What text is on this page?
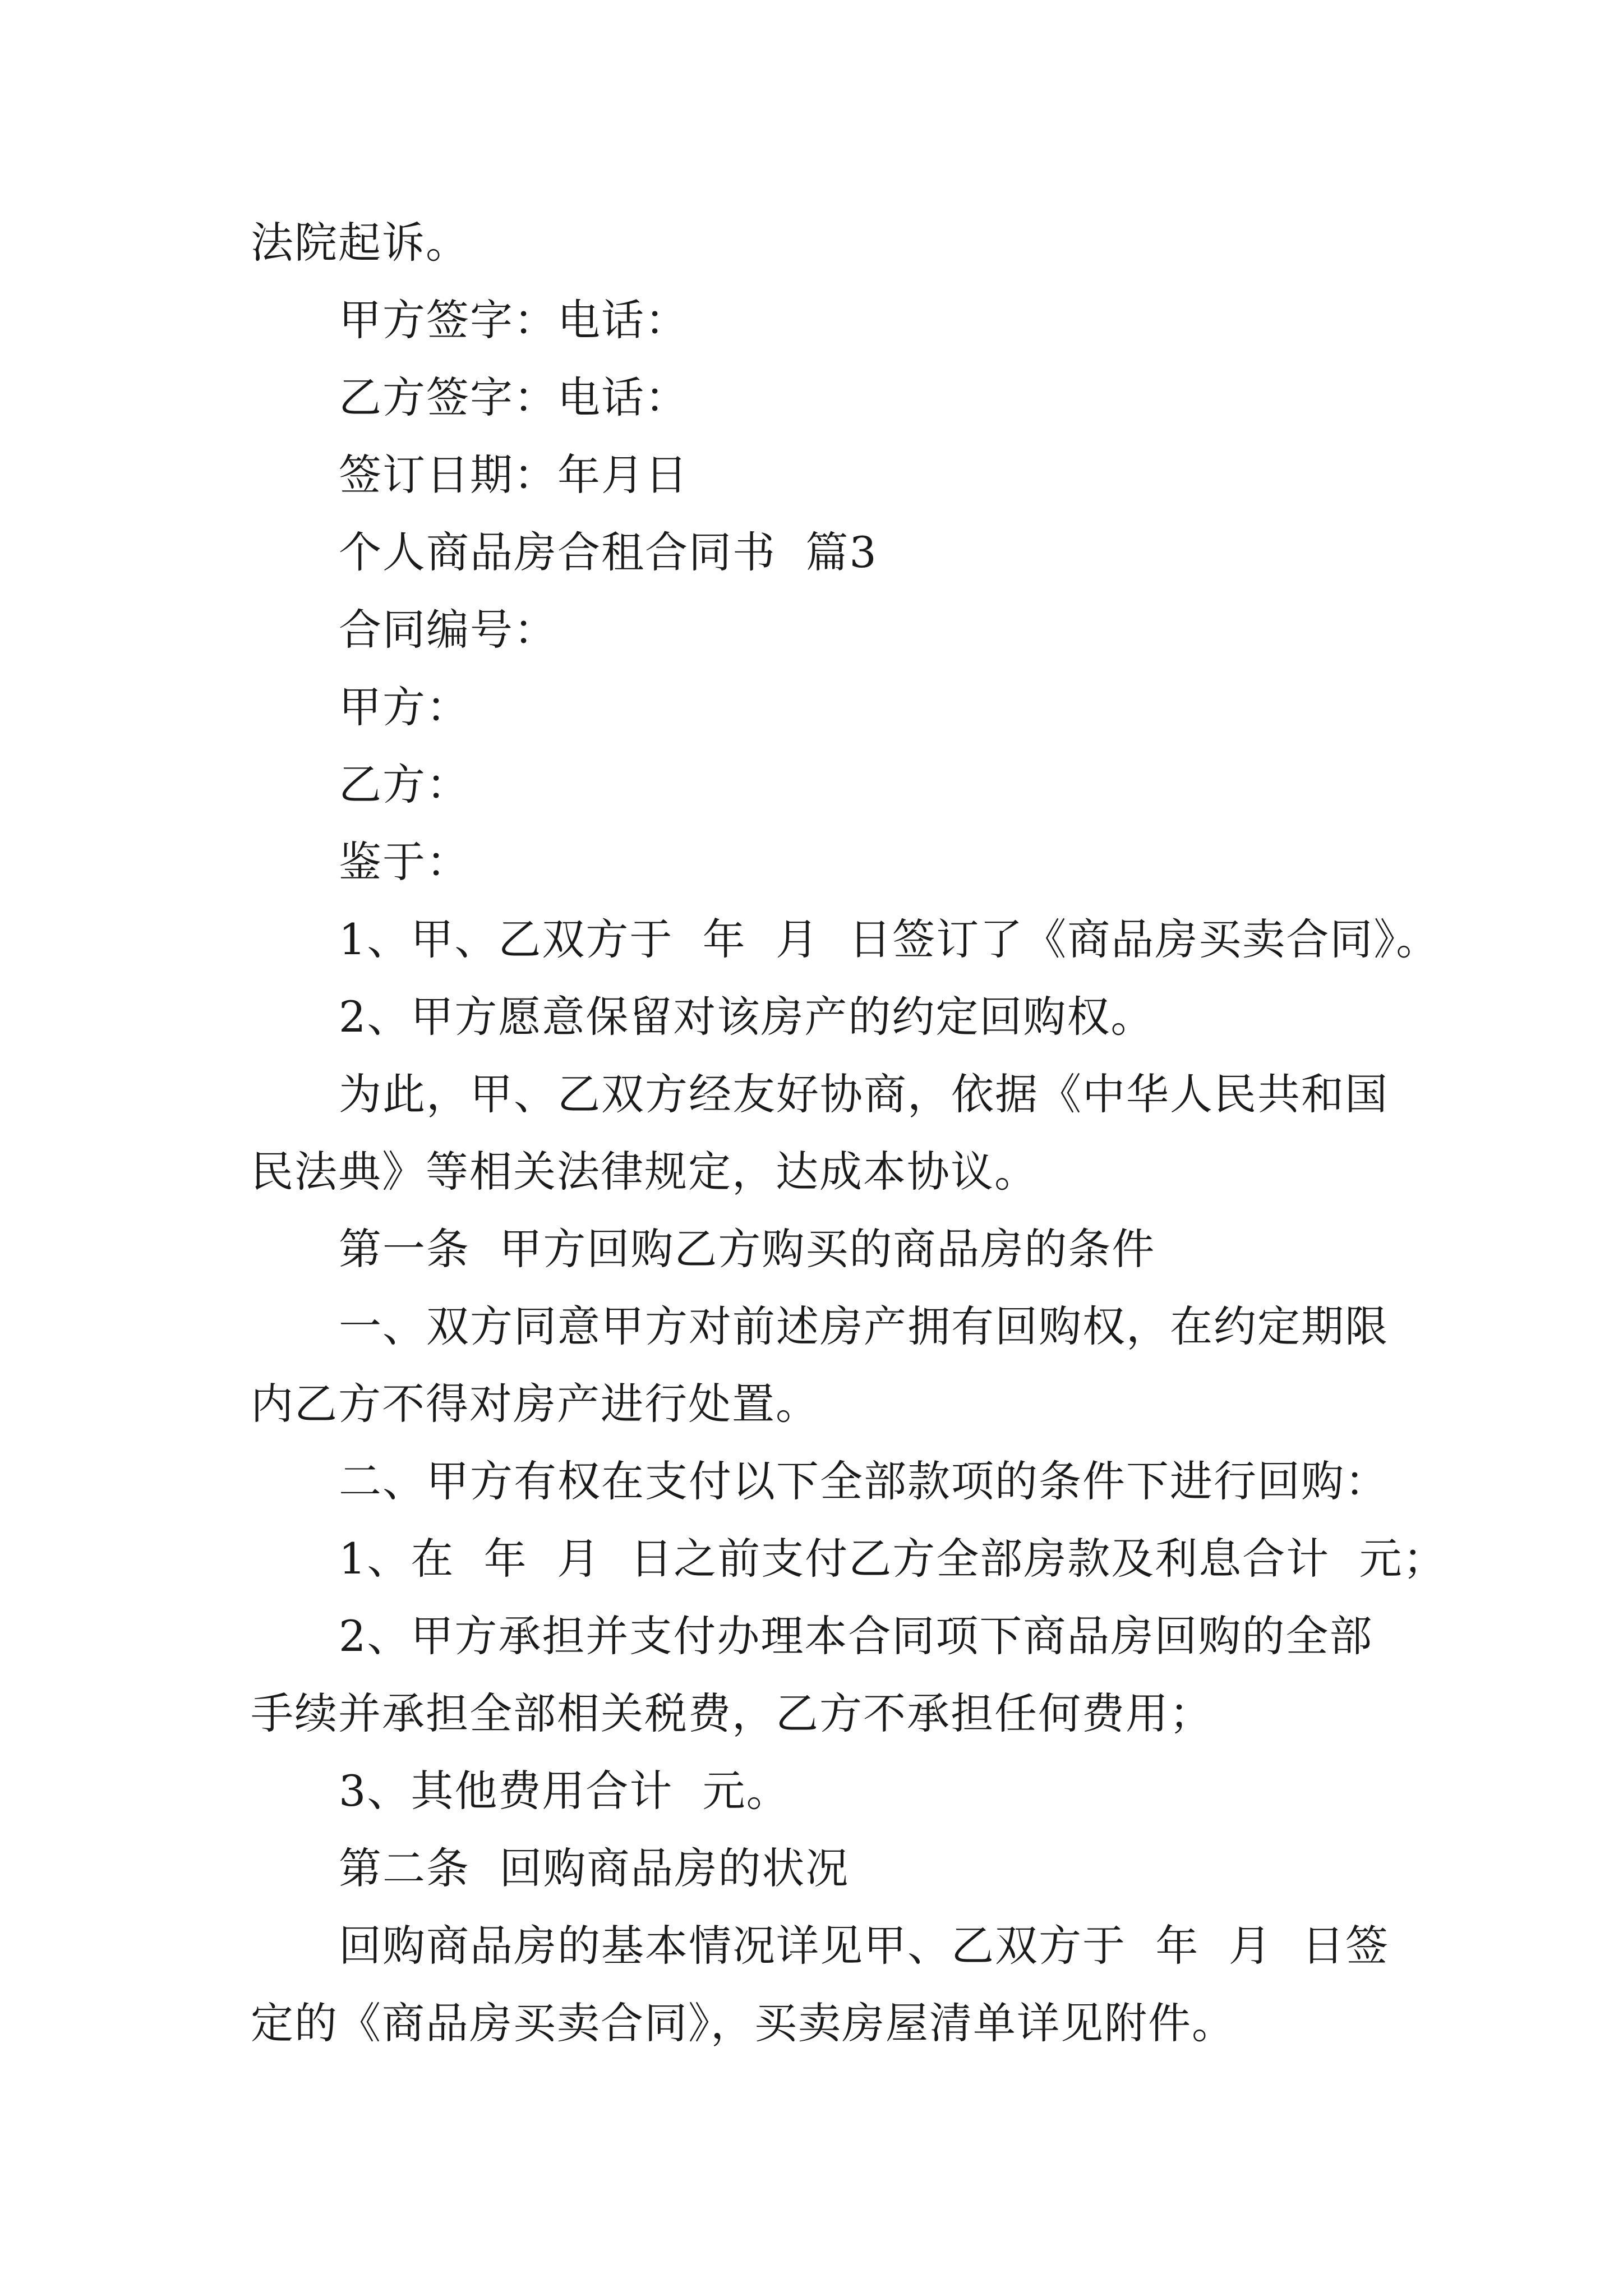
法院起诉。
甲方签字：电话：
乙方签字：电话：
签订日期：年月日
个人商品房合租合同书  篇3
合同编号：
甲方：
乙方：
鉴于：
1、甲、乙双方于  年  月  日签订了《商品房买卖合同》。
2、甲方愿意保留对该房产的约定回购权。
为此，甲、乙双方经友好协商，依据《中华人民共和国
民法典》等相关法律规定，达成本协议。
第一条  甲方回购乙方购买的商品房的条件
一、双方同意甲方对前述房产拥有回购权，在约定期限
内乙方不得对房产进行处置。
二、甲方有权在支付以下全部款项的条件下进行回购：
1、在  年  月  日之前支付乙方全部房款及利息合计  元；
2、甲方承担并支付办理本合同项下商品房回购的全部
手续并承担全部相关税费，乙方不承担任何费用；
3、其他费用合计  元。
第二条  回购商品房的状况
回购商品房的基本情况详见甲、乙双方于  年  月  日签
定的《商品房买卖合同》，买卖房屋清单详见附件。
